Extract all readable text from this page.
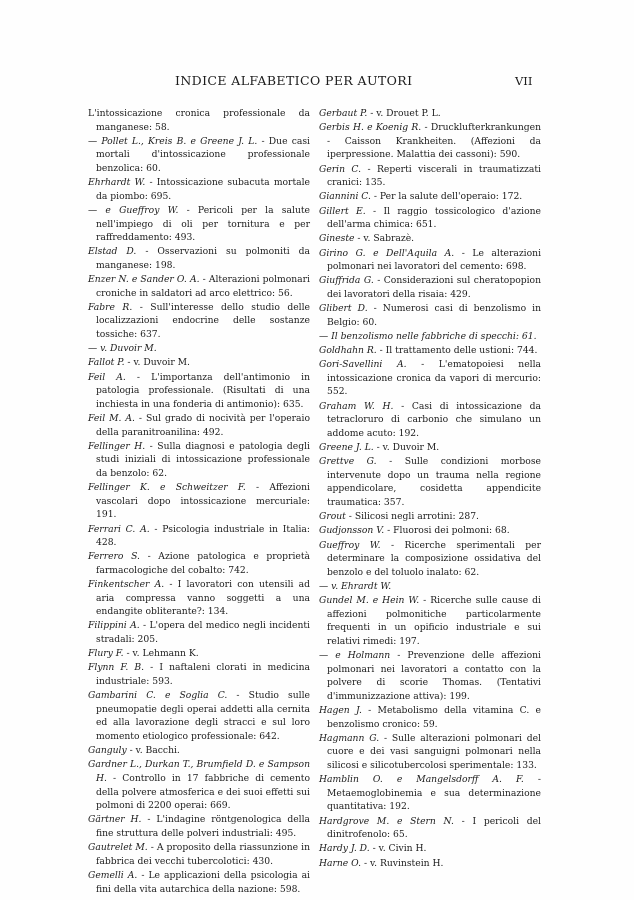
INDICE ALFABETICO PER AUTORI	VII
L'intossicazione cronica professionale da manganese: 58.
— Pollet L., Kreis B. e Greene J. L. - Due casi mortali d'intossicazione professionale benzolica: 60.
Ehrhardt W. - Intossicazione subacuta mortale da piombo: 695.
— e Gueffroy W. - Pericoli per la salute nell'impiego di oli per tornitura e per raffreddamento: 493.
Elstad D. - Osservazioni su polmoniti da manganese: 198.
Enzer N. e Sander O. A. - Alterazioni polmonari croniche in saldatori ad arco elettrico: 56.
Fabre R. - Sull'interesse dello studio delle localizzazioni endocrine delle sostanze tossiche: 637.
— v. Duvoir M.
Fallot P. - v. Duvoir M.
Feil A. - L'importanza dell'antimonio in patologia professionale. (Risultati di una inchiesta in una fonderia di antimonio): 635.
Feil M. A. - Sul grado di nocività per l'operaio della paranitroanilina: 492.
Fellinger H. - Sulla diagnosi e patologia degli studi iniziali di intossicazione professionale da benzolo: 62.
Fellinger K. e Schweitzer F. - Affezioni vascolari dopo intossicazione mercuriale: 191.
Ferrari C. A. - Psicologia industriale in Italia: 428.
Ferrero S. - Azione patologica e proprietà farmacologiche del cobalto: 742.
Finkentscher A. - I lavoratori con utensili ad aria compressa vanno soggetti a una endangite obliterante?: 134.
Filippini A. - L'opera del medico negli incidenti stradali: 205.
Flury F. - v. Lehmann K.
Flynn F. B. - I naftaleni clorati in medicina industriale: 593.
Gambarini C. e Soglia C. - Studio sulle pneumopatie degli operai addetti alla cernita ed alla lavorazione degli stracci e sul loro momento etiologico professionale: 642.
Ganguly - v. Bacchi.
Gardner L., Durkan T., Brumfield D. e Sampson H. - Controllo in 17 fabbriche di cemento della polvere atmosferica e dei suoi effetti sui polmoni di 2200 operai: 669.
Gärtner H. - L'indagine röntgenologica della fine struttura delle polveri industriali: 495.
Gautrelet M. - A proposito della riassunzione in fabbrica dei vecchi tubercolotici: 430.
Gemelli A. - Le applicazioni della psicologia ai fini della vita autarchica della nazione: 598.
Gerbaut P. - v. Drouet P. L.
Gerbis H. e Koenig R. - Drucklufterkrankungen - Caisson Krankheiten. (Affezioni da iperpressione. Malattia dei cassoni): 590.
Gerin C. - Reperti viscerali in traumatizzati cranici: 135.
Giannini C. - Per la salute dell'operaio: 172.
Gillert E. - Il raggio tossicologico d'azione dell'arma chimica: 651.
Gineste - v. Sabrazè.
Girino G. e Dell'Aquila A. - Le alterazioni polmonari nei lavoratori del cemento: 698.
Giuffrida G. - Considerazioni sul cheratopopion dei lavoratori della risaia: 429.
Glibert D. - Numerosi casi di benzolismo in Belgio: 60.
— Il benzolismo nelle fabbriche di specchi: 61.
Goldhahn R. - Il trattamento delle ustioni: 744.
Gori-Savellini A. - L'ematopoiesi nella intossicazione cronica da vapori di mercurio: 552.
Graham W. H. - Casi di intossicazione da tetracloruro di carbonio che simulano un addome acuto: 192.
Greene J. L. - v. Duvoir M.
Grettve G. - Sulle condizioni morbose intervenute dopo un trauma nella regione appendicolare, cosidetta appendicite traumatica: 357.
Grout - Silicosi negli arrotini: 287.
Gudjonsson V. - Fluorosi dei polmoni: 68.
Gueffroy W. - Ricerche sperimentali per determinare la composizione ossidativa del benzolo e del toluolo inalato: 62.
— v. Ehrardt W.
Gundel M. e Hein W. - Ricerche sulle cause di affezioni polmonitiche particolarmente frequenti in un opificio industriale e sui relativi rimedi: 197.
— e Holmann - Prevenzione delle affezioni polmonari nei lavoratori a contatto con la polvere di scorie Thomas. (Tentativi d'immunizzazione attiva): 199.
Hagen J. - Metabolismo della vitamina C. e benzolismo cronico: 59.
Hagmann G. - Sulle alterazioni polmonari del cuore e dei vasi sanguigni polmonari nella silicosi e silicotubercolosi sperimentale: 133.
Hamblin O. e Mangelsdorff A. F. - Metaemoglobinemia e sua determinazione quantitativa: 192.
Hardgrove M. e Stern N. - I pericoli del dinitrofenolo: 65.
Hardy J. D. - v. Civin H.
Harne O. - v. Ruvinstein H.
